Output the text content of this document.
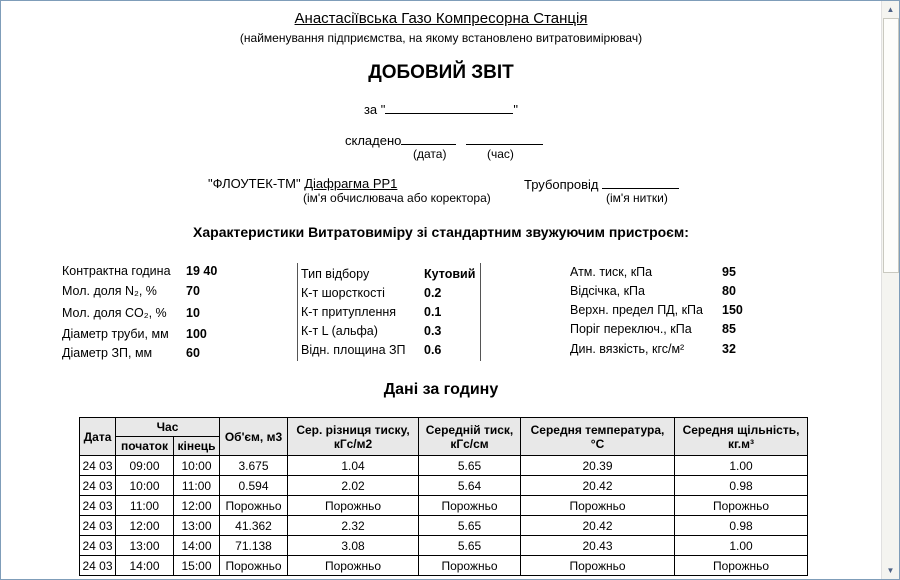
Анастасіївська Газо Компресорна Станція
(найменування підприємства, на якому встановлено витратовимірювач)
ДОБОВИЙ ЗВІТ
за "	"
складено
(дата)	(час)
"ФЛОУТЕК-ТМ" Діафрагма PP1
(ім'я обчислювача або коректора)
Трубопровід
(ім'я нитки)
Характеристики Витратовиміру зі стандартним звужуючим пристроєм:
Контрактна година 19 40
Мол. доля N₂, % 70
Мол. доля CO₂, % 10
Діаметр труби, мм 100
Діаметр ЗП, мм	60
Тип відбору	Кутовий
К-т шорсткості	0.2
К-т притуплення 0.1
К-т L (альфа)	0.3
Відн. площина ЗП 0.6
Атм. тиск, кПа	95
Відсічка, кПа	80
Верхн. предел ПД, кПа 150
Поріг переключ., кПа 85
Дин. вязкість, кгс/м²	32
Дані за годину
Дата	Час		Об'єм, м3	Сер. різниця тиску, кГс/м2	Середній тиск, кГс/см	Середня температура, °C	Середня щільність, кг.м³
	початок	кінець					
24 03	09:00	10:00	3.675	1.04	5.65	20.39	1.00
24 03	10:00	11:00	0.594	2.02	5.64	20.42	0.98
24 03	11:00	12:00	Порожньо	Порожньо	Порожньо	Порожньо	Порожньо
24 03	12:00	13:00	41.362	2.32	5.65	20.42	0.98
24 03	13:00	14:00	71.138	3.08	5.65	20.43	1.00
24 03	14:00	15:00	Порожньо	Порожньо	Порожньо	Порожньо	Порожньо
▲
▼
